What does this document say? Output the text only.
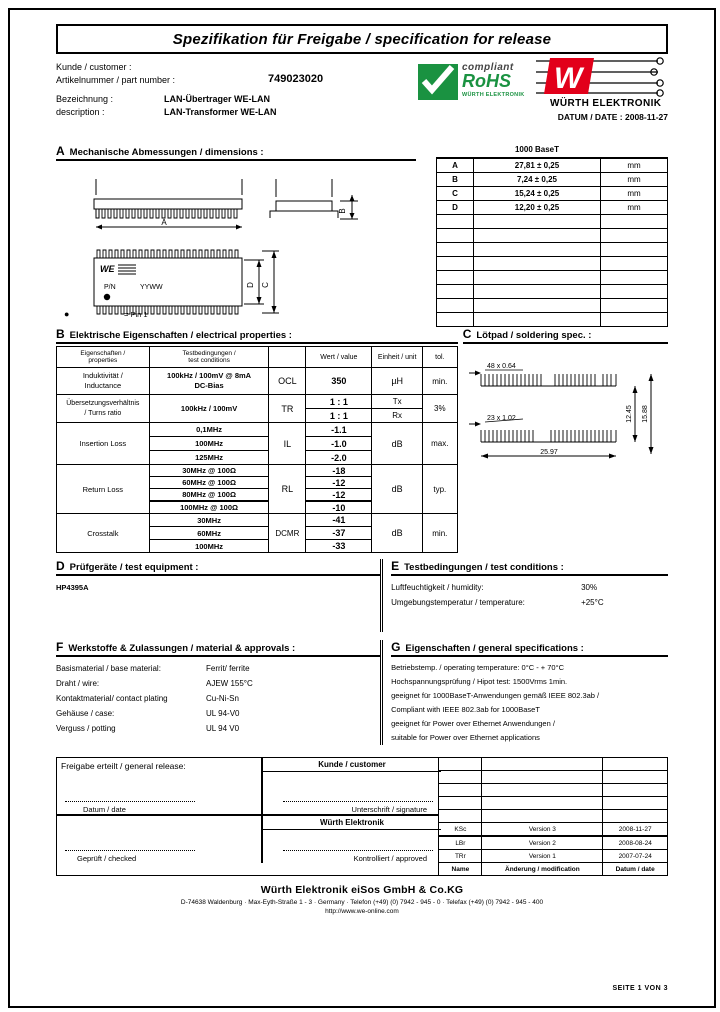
Spezifikation für Freigabe / specification for release
Kunde / customer :
Artikelnummer / part number :	749023020
Bezeichnung :	LAN-Übertrager WE-LAN
description :	LAN-Transformer WE-LAN
compliant
RoHS
WÜRTH ELEKTRONIK W
WÜRTH ELEKTRONIK
DATUM / DATE : 2008-11-27
A Mechanische Abmessungen / dimensions :
		1000 BaseT	
A	27,81 ± 0,25	mm
B	7,24 ± 0,25	mm
C	15,24 ± 0,25	mm
D	12,20 ± 0,25	mm

A
B
WE
P/N	YYWW	D C
●	= Pin 1
B Elektrische Eigenschaften / electrical properties :
Eigenschaften /
properties	Testbedingungen /
test conditions		Wert / value	Einheit / unit	tol.
Induktivität /
Inductance	100kHz / 100mV @ 8mA
DC-Bias	OCL	350	µH	min.
Übersetzungsverhältnis
/ Turns ratio	100kHz / 100mV	TR	1 : 1	Tx	3%
			1 : 1	Rx	
Insertion Loss	0,1MHz	IL	-1.1	dB	max.
	100MHz		-1.0		
	125MHz		-2.0		
Return Loss	30MHz @ 100Ω	RL	-18	dB	typ.
	60MHz @ 100Ω		-12		
	80MHz @ 100Ω		-12		
	100MHz @ 100Ω		-10		
Crosstalk	30MHz	DCMR	-41	dB	min.
	60MHz		-37		
	100MHz		-33		
C Lötpad / soldering spec. :
48 x 0.64
23 x 1.02
25.97
12.45 15.88
D Prüfgeräte / test equipment :
HP4395A
E Testbedingungen / test conditions :
Luftfeuchtigkeit / humidity:	30%
Umgebungstemperatur / temperature:	+25°C
F Werkstoffe & Zulassungen / material & approvals :
Basismaterial / base material:	Ferrit/ ferrite
Draht / wire:	AJEW 155°C
Kontaktmaterial/ contact plating	Cu-Ni-Sn
Gehäuse / case:	UL 94-V0
Verguss / potting	UL 94 V0
G Eigenschaften / general specifications :
Betriebstemp. / operating temperature: 0°C - + 70°C
Hochspannungsprüfung / Hipot test: 1500Vrms 1min.
geeignet für 1000BaseT-Anwendungen gemäß IEEE 802.3ab /
Compliant with IEEE 802.3ab for 1000BaseT
geeignet für Power over Ethernet Anwendungen /
suitable for Power over Ethernet applications
Freigabe erteilt / general release:	Kunde / customer
Unterschrift / signature
Datum / date
Würth Elektronik
Kontrolliert / approved
Geprüft / checked

KSc	Version 3	2008-11-27
LBr	Version 2	2008-08-24
TRr	Version 1	2007-07-24
Name	Änderung / modification	Datum / date
Würth Elektronik eiSos GmbH & Co.KG
D-74638 Waldenburg · Max-Eyth-Straße 1 - 3 · Germany · Telefon (+49) (0) 7942 - 945 - 0 · Telefax (+49) (0) 7942 - 945 - 400
http://www.we-online.com
SEITE 1 VON 3
